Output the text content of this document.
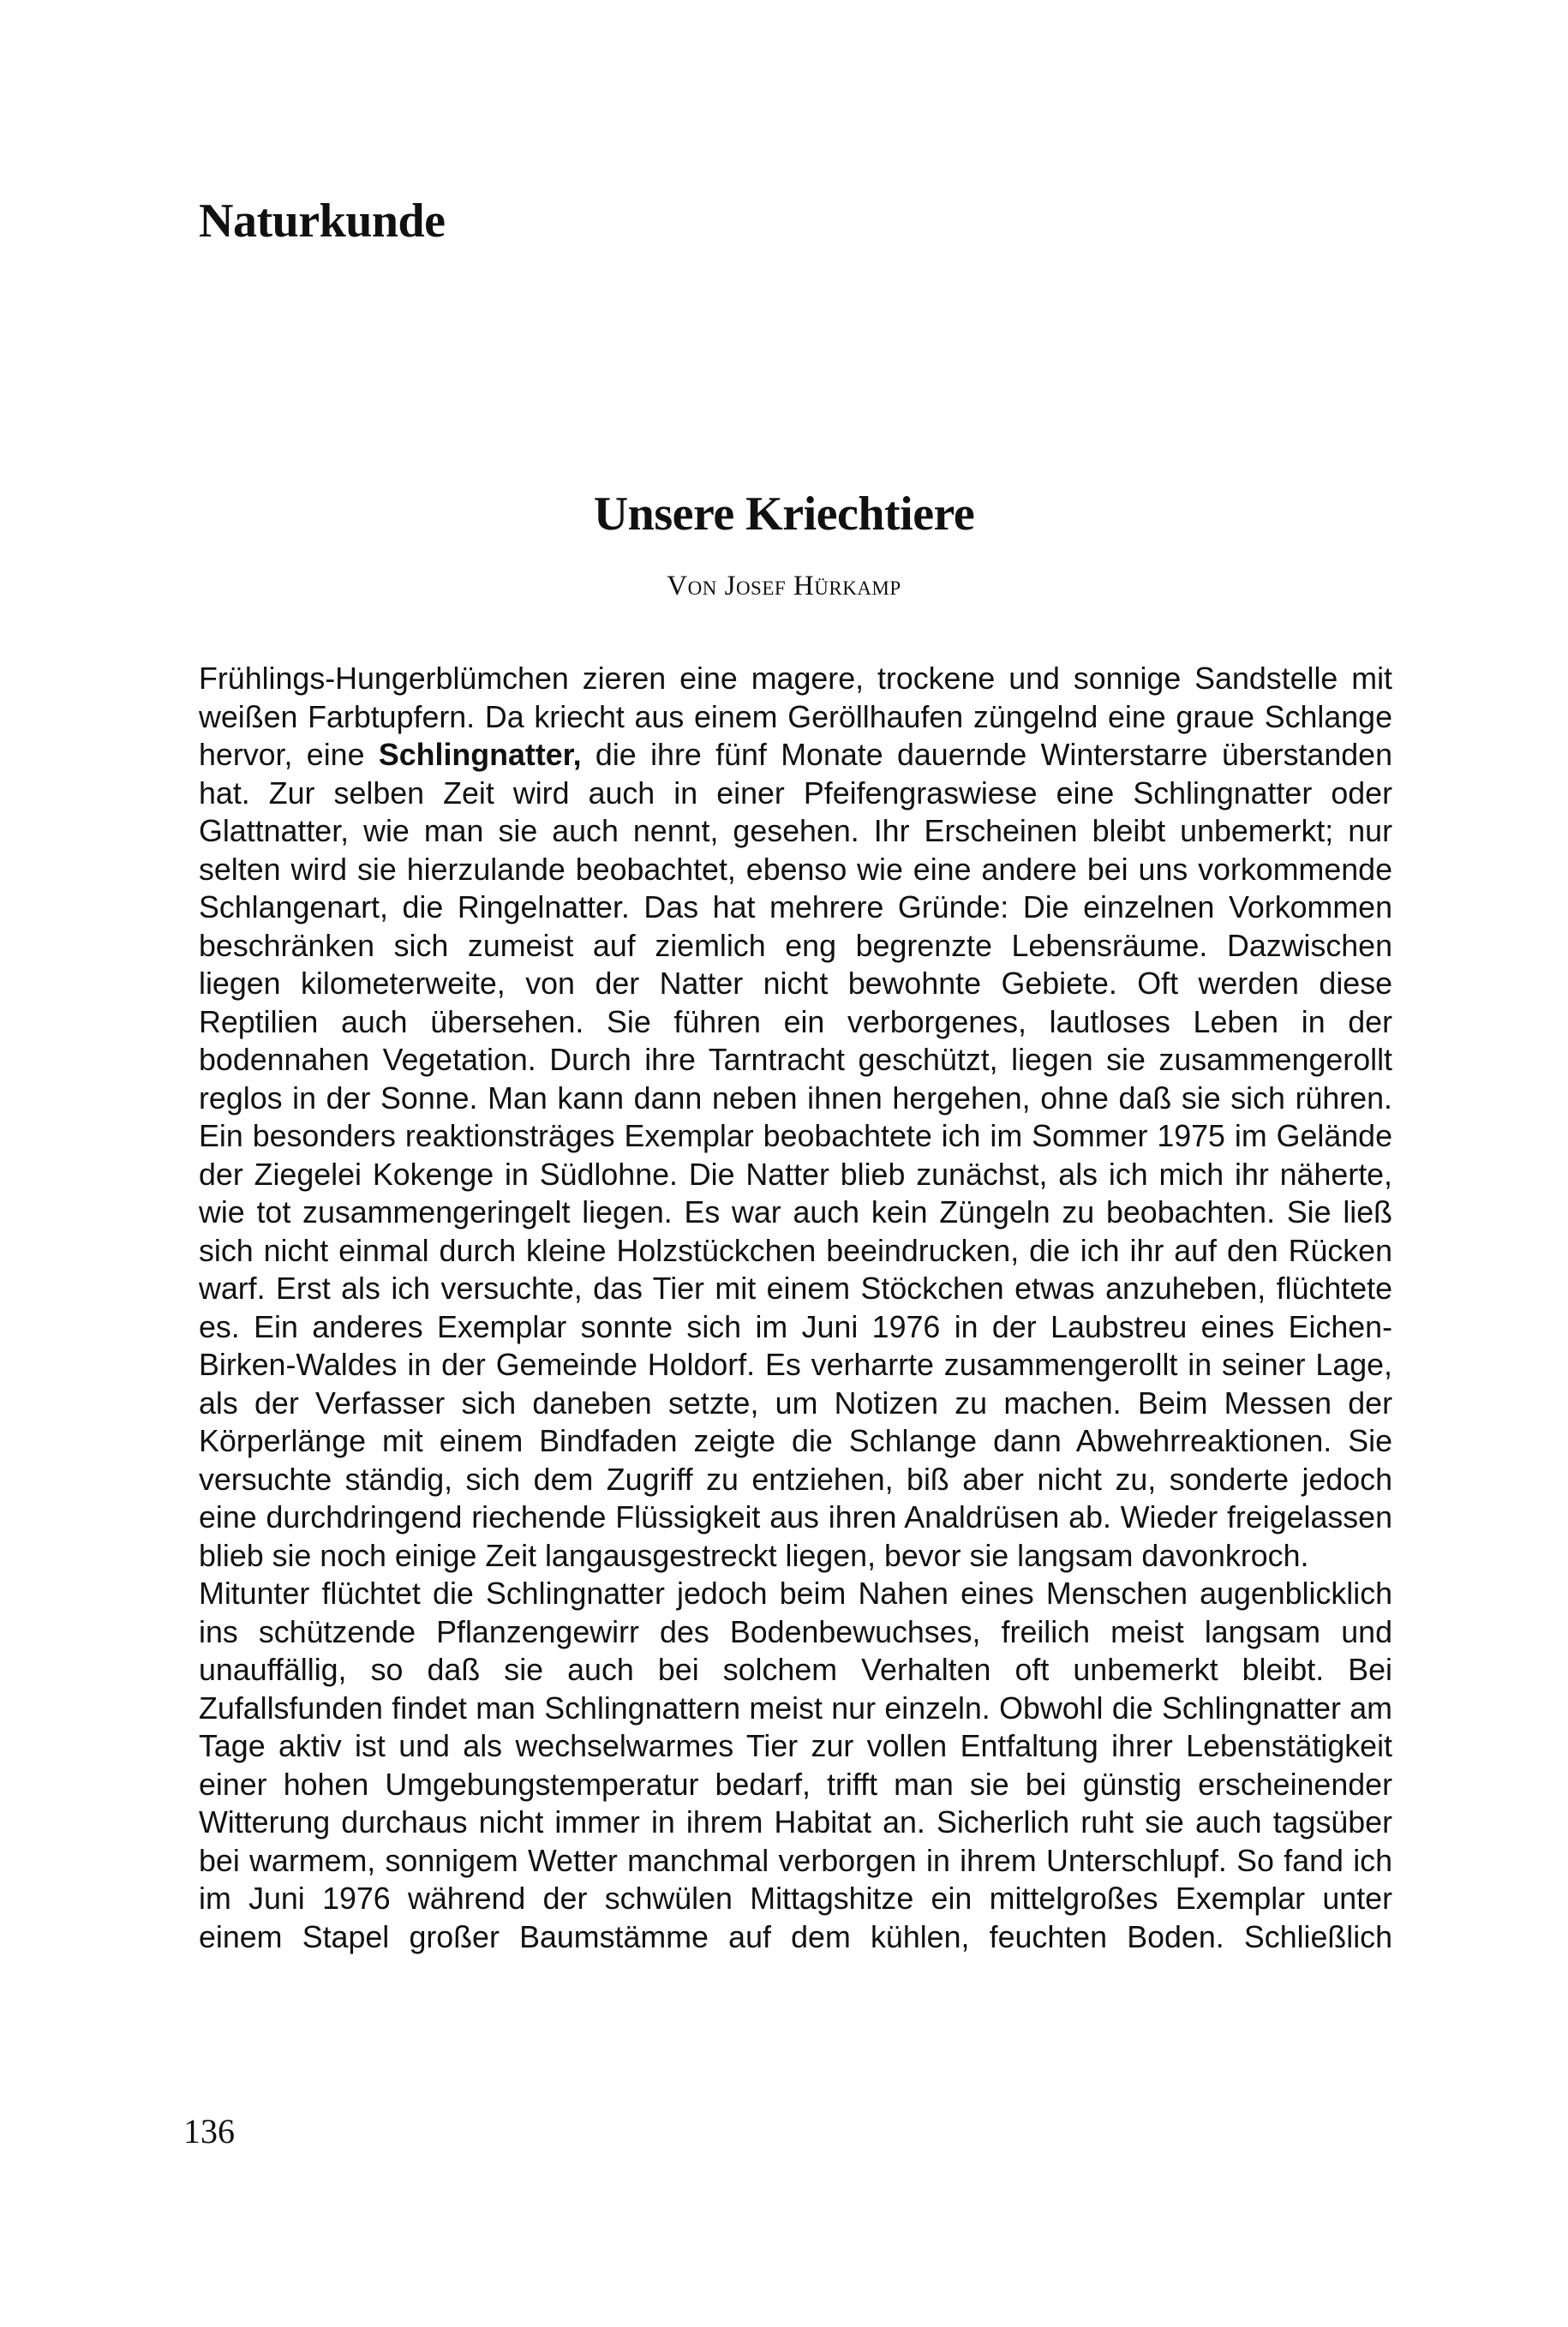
Naturkunde
Unsere Kriechtiere
Von Josef Hürkamp

Frühlings-Hungerblümchen zieren eine magere, trockene und sonnige Sandstelle mit weißen Farbtupfern. Da kriecht aus einem Geröllhaufen züngelnd eine graue Schlange hervor, eine Schlingnatter, die ihre fünf Monate dauernde Winterstarre überstanden hat. Zur selben Zeit wird auch in einer Pfeifengraswiese eine Schlingnatter oder Glattnatter, wie man sie auch nennt, gesehen. Ihr Erscheinen bleibt unbemerkt; nur selten wird sie hierzulande beobachtet, ebenso wie eine andere bei uns vorkommende Schlangenart, die Ringelnatter. Das hat mehrere Gründe: Die einzelnen Vorkommen beschränken sich zumeist auf ziemlich eng begrenzte Lebensräume. Dazwischen liegen kilometerweite, von der Natter nicht bewohnte Gebiete. Oft werden diese Reptilien auch übersehen. Sie führen ein verborgenes, lautloses Leben in der bodennahen Vegetation. Durch ihre Tarntracht geschützt, liegen sie zusammengerollt reglos in der Sonne. Man kann dann neben ihnen hergehen, ohne daß sie sich rühren. Ein besonders reaktionsträges Exemplar beobachtete ich im Sommer 1975 im Gelände der Ziegelei Kokenge in Südlohne. Die Natter blieb zunächst, als ich mich ihr näherte, wie tot zusammengeringelt liegen. Es war auch kein Züngeln zu beobachten. Sie ließ sich nicht einmal durch kleine Holzstückchen beeindrucken, die ich ihr auf den Rücken warf. Erst als ich versuchte, das Tier mit einem Stöckchen etwas anzuheben, flüchtete es. Ein anderes Exemplar sonnte sich im Juni 1976 in der Laubstreu eines Eichen-Birken-Waldes in der Gemeinde Holdorf. Es verharrte zusammengerollt in seiner Lage, als der Verfasser sich daneben setzte, um Notizen zu machen. Beim Messen der Körperlänge mit einem Bindfaden zeigte die Schlange dann Abwehrreaktionen. Sie versuchte ständig, sich dem Zugriff zu entziehen, biß aber nicht zu, sonderte jedoch eine durchdringend riechende Flüssigkeit aus ihren Analdrüsen ab. Wieder freigelassen blieb sie noch einige Zeit langausgestreckt liegen, bevor sie langsam davonkroch.

Mitunter flüchtet die Schlingnatter jedoch beim Nahen eines Menschen augenblicklich ins schützende Pflanzengewirr des Bodenbewuchses, freilich meist langsam und unauffällig, so daß sie auch bei solchem Verhalten oft unbemerkt bleibt. Bei Zufallsfunden findet man Schlingnattern meist nur einzeln. Obwohl die Schlingnatter am Tage aktiv ist und als wechselwarmes Tier zur vollen Entfaltung ihrer Lebenstätigkeit einer hohen Umgebungstemperatur bedarf, trifft man sie bei günstig erscheinender Witterung durchaus nicht immer in ihrem Habitat an. Sicherlich ruht sie auch tagsüber bei warmem, sonnigem Wetter manchmal verborgen in ihrem Unterschlupf. So fand ich im Juni 1976 während der schwülen Mittagshitze ein mittelgroßes Exemplar unter einem Stapel großer Baumstämme auf dem kühlen, feuchten Boden. Schließlich

136
